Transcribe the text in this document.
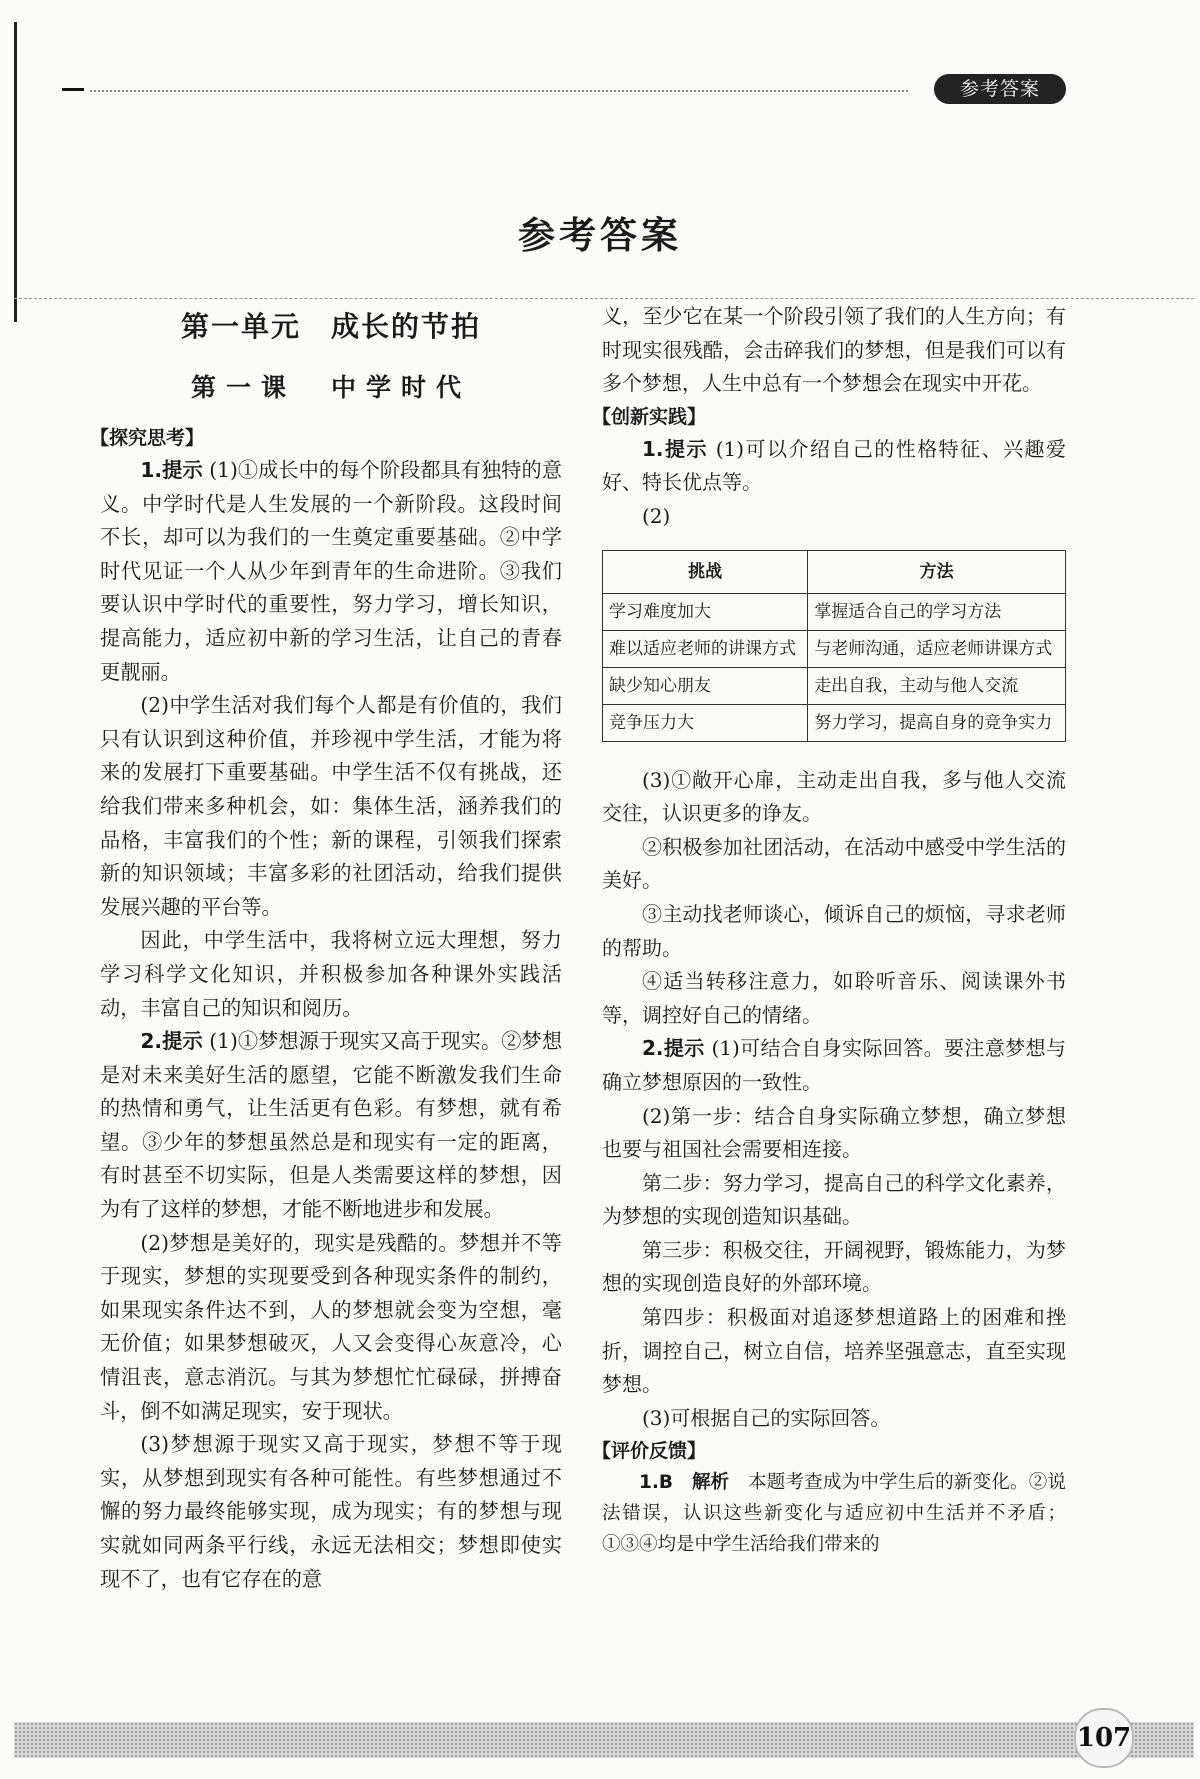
参考答案
参考答案
第一单元　成长的节拍
第一课　中学时代
【探究思考】

1.提示 (1)①成长中的每个阶段都具有独特的意义。中学时代是人生发展的一个新阶段。这段时间不长，却可以为我们的一生奠定重要基础。②中学时代见证一个人从少年到青年的生命进阶。③我们要认识中学时代的重要性，努力学习，增长知识，提高能力，适应初中新的学习生活，让自己的青春更靓丽。

(2)中学生活对我们每个人都是有价值的，我们只有认识到这种价值，并珍视中学生活，才能为将来的发展打下重要基础。中学生活不仅有挑战，还给我们带来多种机会，如：集体生活，涵养我们的品格，丰富我们的个性；新的课程，引领我们探索新的知识领域；丰富多彩的社团活动，给我们提供发展兴趣的平台等。

因此，中学生活中，我将树立远大理想，努力学习科学文化知识，并积极参加各种课外实践活动，丰富自己的知识和阅历。

2.提示 (1)①梦想源于现实又高于现实。②梦想是对未来美好生活的愿望，它能不断激发我们生命的热情和勇气，让生活更有色彩。有梦想，就有希望。③少年的梦想虽然总是和现实有一定的距离，有时甚至不切实际，但是人类需要这样的梦想，因为有了这样的梦想，才能不断地进步和发展。

(2)梦想是美好的，现实是残酷的。梦想并不等于现实，梦想的实现要受到各种现实条件的制约，如果现实条件达不到，人的梦想就会变为空想，毫无价值；如果梦想破灭，人又会变得心灰意冷，心情沮丧，意志消沉。与其为梦想忙忙碌碌，拼搏奋斗，倒不如满足现实，安于现状。

(3)梦想源于现实又高于现实，梦想不等于现实，从梦想到现实有各种可能性。有些梦想通过不懈的努力最终能够实现，成为现实；有的梦想与现实就如同两条平行线，永远无法相交；梦想即使实现不了，也有它存在的意

义，至少它在某一个阶段引领了我们的人生方向；有时现实很残酷，会击碎我们的梦想，但是我们可以有多个梦想，人生中总有一个梦想会在现实中开花。

【创新实践】

1.提示 (1)可以介绍自己的性格特征、兴趣爱好、特长优点等。

(2)

挑战	方法
学习难度加大	掌握适合自己的学习方法
难以适应老师的讲课方式	与老师沟通，适应老师讲课方式
缺少知心朋友	走出自我，主动与他人交流
竞争压力大	努力学习，提高自身的竞争实力

(3)①敞开心扉，主动走出自我，多与他人交流交往，认识更多的诤友。

②积极参加社团活动，在活动中感受中学生活的美好。

③主动找老师谈心，倾诉自己的烦恼，寻求老师的帮助。

④适当转移注意力，如聆听音乐、阅读课外书等，调控好自己的情绪。

2.提示 (1)可结合自身实际回答。要注意梦想与确立梦想原因的一致性。

(2)第一步：结合自身实际确立梦想，确立梦想也要与祖国社会需要相连接。

第二步：努力学习，提高自己的科学文化素养，为梦想的实现创造知识基础。

第三步：积极交往，开阔视野，锻炼能力，为梦想的实现创造良好的外部环境。

第四步：积极面对追逐梦想道路上的困难和挫折，调控自己，树立自信，培养坚强意志，直至实现梦想。

(3)可根据自己的实际回答。

【评价反馈】

1.B　 解析　 本题考查成为中学生后的新变化。②说法错误，认识这些新变化与适应初中生活并不矛盾；①③④均是中学生活给我们带来的

107
